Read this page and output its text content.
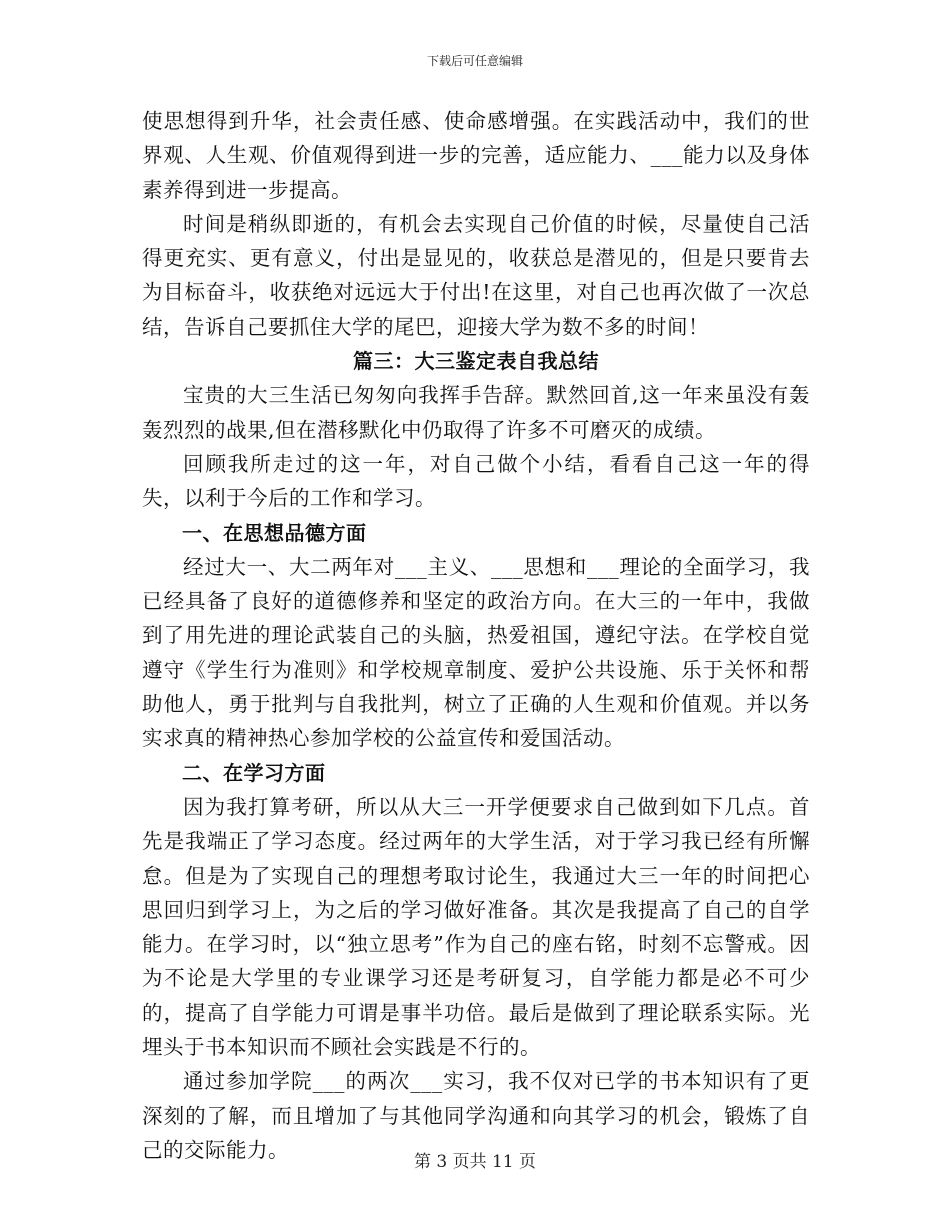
下载后可任意编辑

使思想得到升华，社会责任感、使命感增强。在实践活动中，我们的世界观、人生观、价值观得到进一步的完善，适应能力、___能力以及身体素养得到进一步提高。

时间是稍纵即逝的，有机会去实现自己价值的时候，尽量使自己活得更充实、更有意义，付出是显见的，收获总是潜见的，但是只要肯去为目标奋斗，收获绝对远远大于付出!在这里，对自己也再次做了一次总结，告诉自己要抓住大学的尾巴，迎接大学为数不多的时间！

篇三：大三鉴定表自我总结

宝贵的大三生活已匆匆向我挥手告辞。默然回首,这一年来虽没有轰轰烈烈的战果,但在潜移默化中仍取得了许多不可磨灭的成绩。

回顾我所走过的这一年，对自己做个小结，看看自己这一年的得失，以利于今后的工作和学习。

一、在思想品德方面

经过大一、大二两年对___主义、___思想和___理论的全面学习，我已经具备了良好的道德修养和坚定的政治方向。在大三的一年中，我做到了用先进的理论武装自己的头脑，热爱祖国，遵纪守法。在学校自觉遵守《学生行为准则》和学校规章制度、爱护公共设施、乐于关怀和帮助他人，勇于批判与自我批判，树立了正确的人生观和价值观。并以务实求真的精神热心参加学校的公益宣传和爱国活动。

二、在学习方面

因为我打算考研，所以从大三一开学便要求自己做到如下几点。首先是我端正了学习态度。经过两年的大学生活，对于学习我已经有所懈怠。但是为了实现自己的理想考取讨论生，我通过大三一年的时间把心思回归到学习上，为之后的学习做好准备。其次是我提高了自己的自学能力。在学习时，以“独立思考”作为自己的座右铭，时刻不忘警戒。因为不论是大学里的专业课学习还是考研复习，自学能力都是必不可少的，提高了自学能力可谓是事半功倍。最后是做到了理论联系实际。光埋头于书本知识而不顾社会实践是不行的。

通过参加学院___的两次___实习，我不仅对已学的书本知识有了更深刻的了解，而且增加了与其他同学沟通和向其学习的机会，锻炼了自己的交际能力。

第 3 页共 11 页
